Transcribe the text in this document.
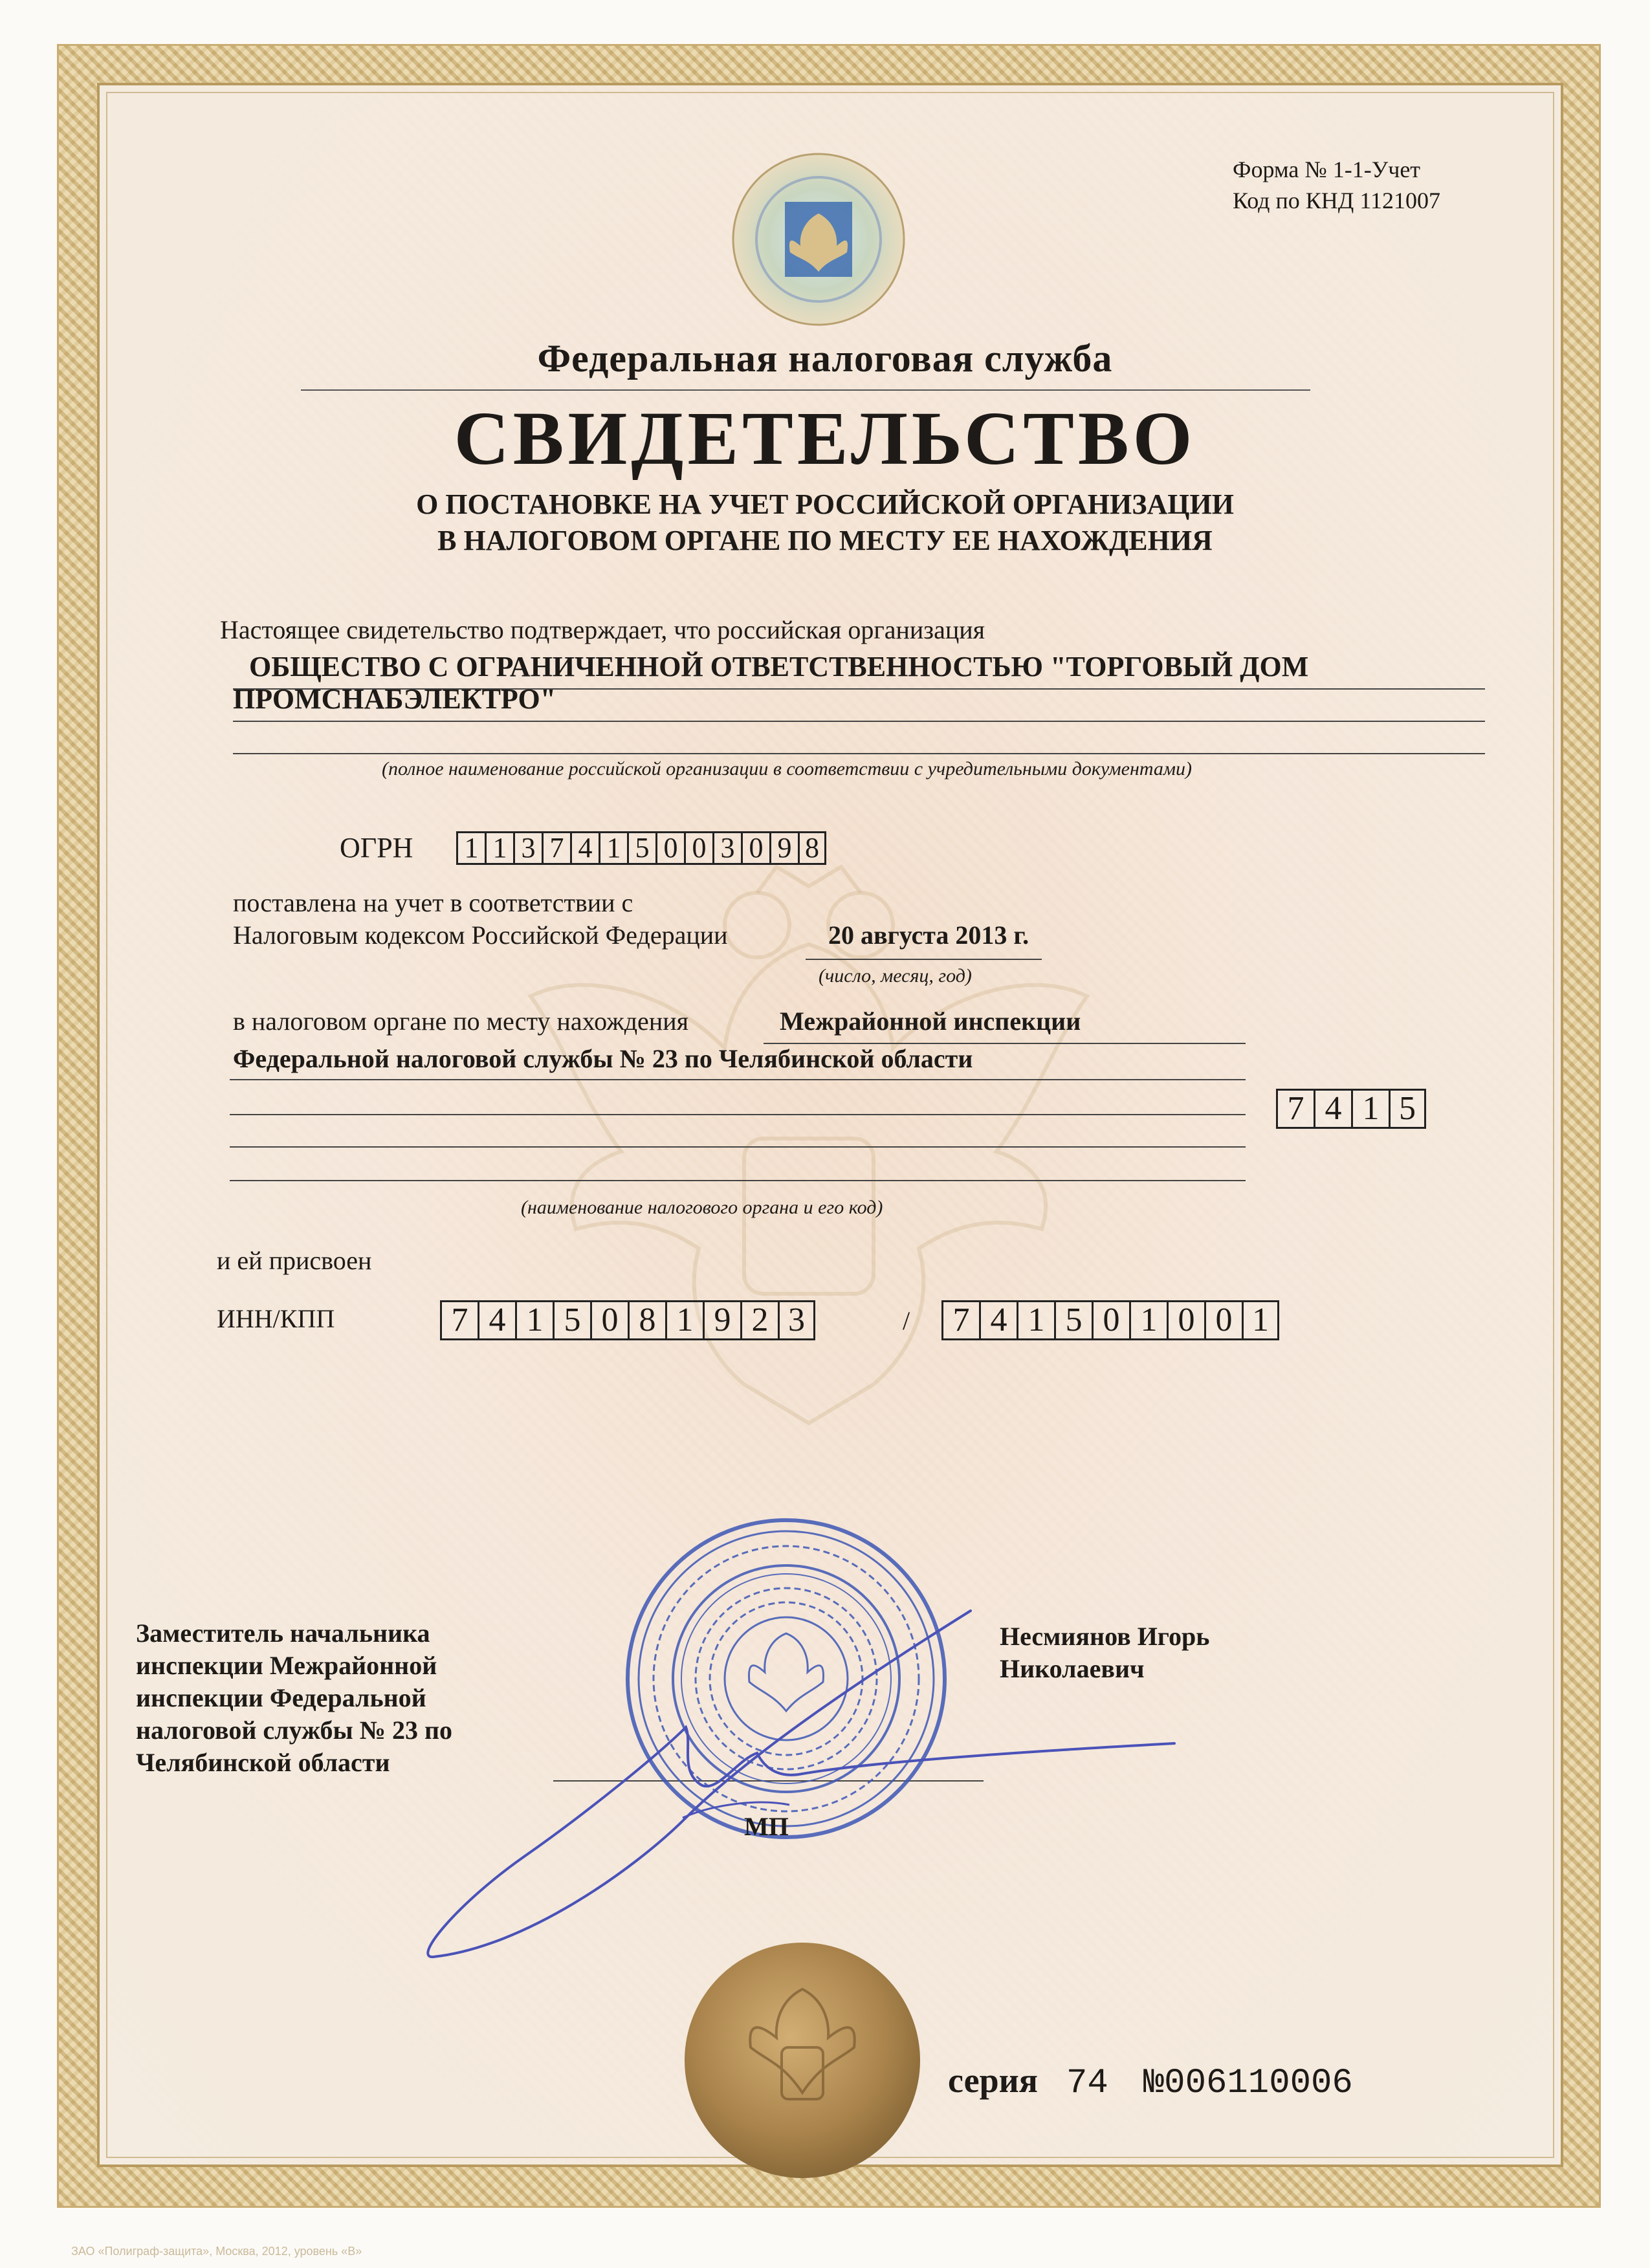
Форма № 1-1-Учет
Код по КНД 1121007
Федеральная налоговая служба
СВИДЕТЕЛЬСТВО
О ПОСТАНОВКЕ НА УЧЕТ РОССИЙСКОЙ ОРГАНИЗАЦИИ
В НАЛОГОВОМ ОРГАНЕ ПО МЕСТУ ЕЕ НАХОЖДЕНИЯ
Настоящее свидетельство подтверждает, что российская организация
ОБЩЕСТВО С ОГРАНИЧЕННОЙ ОТВЕТСТВЕННОСТЬЮ "ТОРГОВЫЙ ДОМ
ПРОМСНАБЭЛЕКТРО"
(полное наименование российской организации в соответствии с учредительными документами)
ОГРН 1 1 3 7 4 1 5 0 0 3 0 9 8
поставлена на учет в соответствии с
Налоговым кодексом Российской Федерации	20 августа 2013 г.
(число, месяц, год)
в налоговом органе по месту нахождения	Межрайонной инспекции
Федеральной налоговой службы № 23 по Челябинской области
7 4 1 5
(наименование налогового органа и его код)
и ей присвоен
ИНН/КПП	7 4 1 5 0 8 1 9 2 3	/	7 4 1 5 0 1 0 0 1
Заместитель начальника
инспекции Межрайонной
инспекции Федеральной
налоговой службы № 23 по
Челябинской области
Несмиянов Игорь
Николаевич
МП
серия 74 №006110006
ЗАО «Полиграф-защита», Москва, 2012, уровень «В»
